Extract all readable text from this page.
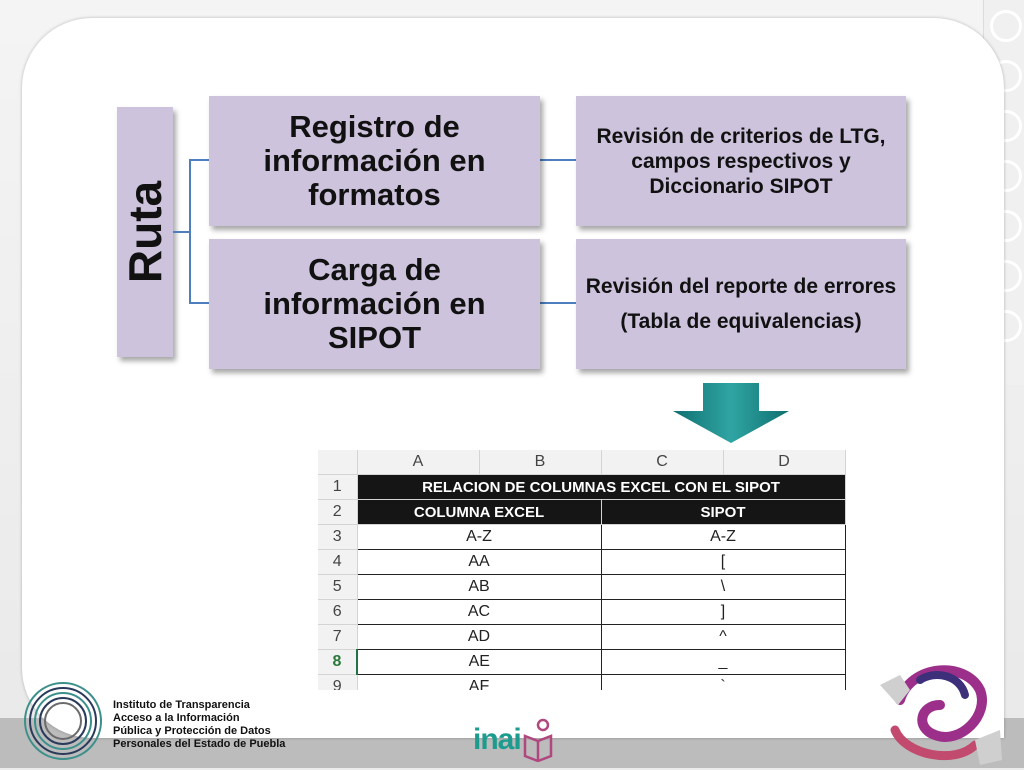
Ruta
Registro de información en formatos
Revisión de criterios de LTG, campos respectivos y Diccionario SIPOT
Carga de información en SIPOT
Revisión del reporte de errores
(Tabla de equivalencias)
	A	B	C	D
1	RELACION DE COLUMNAS EXCEL CON EL SIPOT			
2	COLUMNA EXCEL		SIPOT	
3	A-Z		A-Z	
4	AA		[	
5	AB		\	
6	AC		]	
7	AD		^	
8	AE		_	
9	AF		`	
Instituto de Transparencia
Acceso a la Información
Pública y Protección de Datos
Personales del Estado de Puebla	inai
